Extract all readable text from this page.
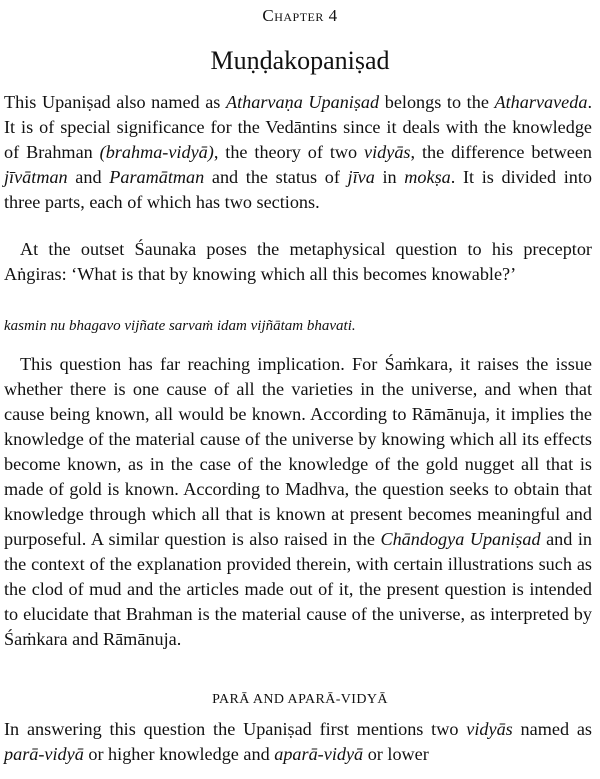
Chapter 4
Muṇḍakopaniṣad

This Upaniṣad also named as Atharvaṇa Upaniṣad belongs to the Atharvaveda. It is of special significance for the Vedāntins since it deals with the knowledge of Brahman (brahma-vidyā), the theory of two vidyās, the difference between jīvātman and Paramātman and the status of jīva in mokṣa. It is divided into three parts, each of which has two sections.

At the outset Śaunaka poses the metaphysical question to his preceptor Aṅgiras: ‘What is that by knowing which all this becomes knowable?’

kasmin nu bhagavo vijñate sarvaṁ idam vijñātam bhavati.

This question has far reaching implication. For Śaṁkara, it raises the issue whether there is one cause of all the varieties in the universe, and when that cause being known, all would be known. According to Rāmānuja, it implies the knowledge of the material cause of the universe by knowing which all its effects become known, as in the case of the knowledge of the gold nugget all that is made of gold is known. According to Madhva, the question seeks to obtain that knowledge through which all that is known at present becomes meaningful and purposeful. A similar question is also raised in the Chāndogya Upaniṣad and in the context of the explanation provided therein, with certain illustrations such as the clod of mud and the articles made out of it, the present question is intended to elucidate that Brahman is the material cause of the universe, as interpreted by Śaṁkara and Rāmānuja.

PARĀ AND APARĀ-VIDYĀ

In answering this question the Upaniṣad first mentions two vidyās named as parā-vidyā or higher knowledge and aparā-vidyā or lower
